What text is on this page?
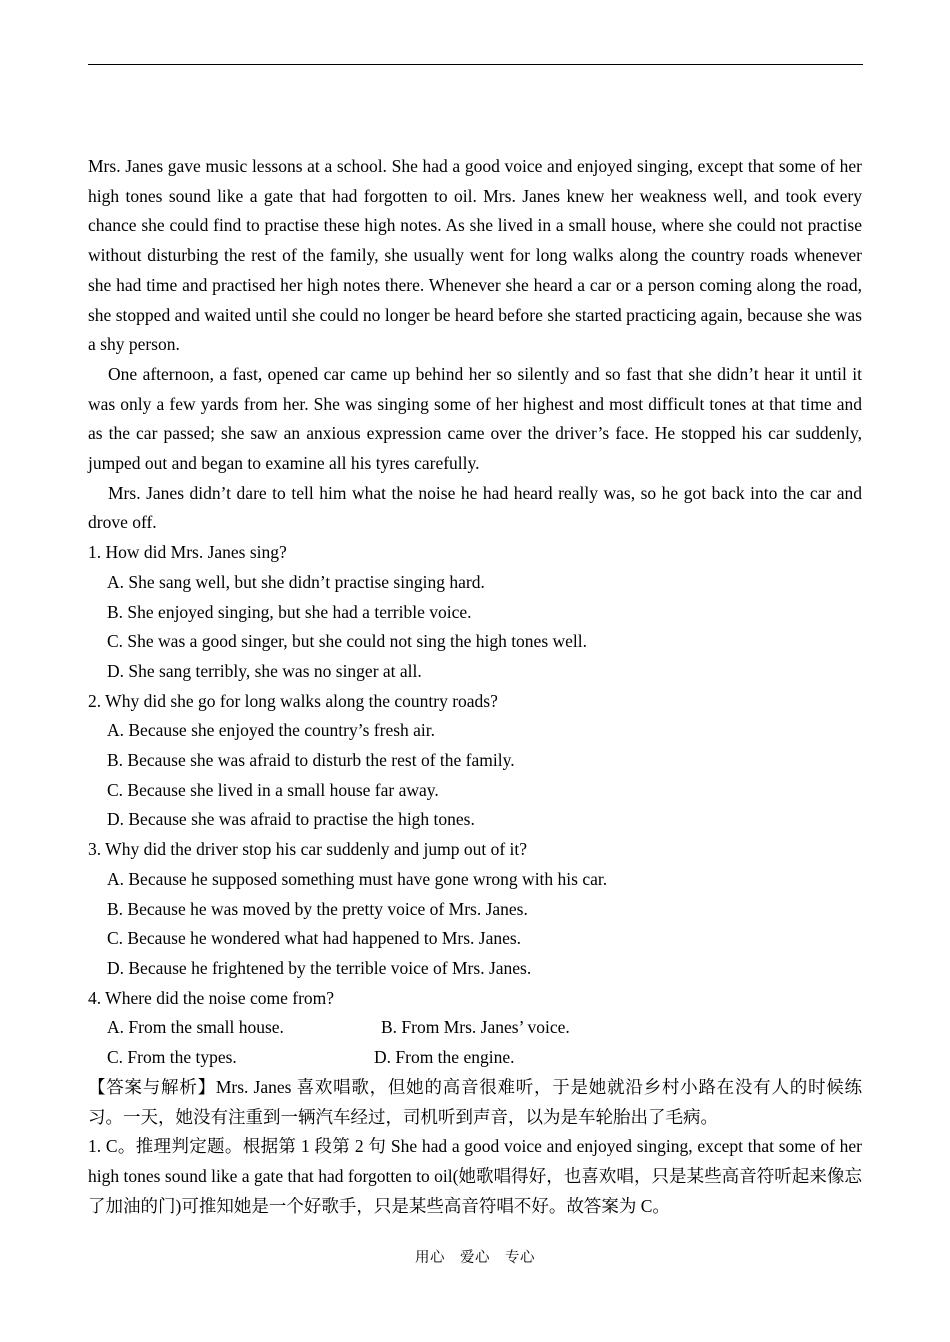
Mrs. Janes gave music lessons at a school. She had a good voice and enjoyed singing, except that some of her high tones sound like a gate that had forgotten to oil. Mrs. Janes knew her weakness well, and took every chance she could find to practise these high notes. As she lived in a small house, where she could not practise without disturbing the rest of the family, she usually went for long walks along the country roads whenever she had time and practised her high notes there. Whenever she heard a car or a person coming along the road, she stopped and waited until she could no longer be heard before she started practicing again, because she was a shy person.

One afternoon, a fast, opened car came up behind her so silently and so fast that she didn’t hear it until it was only a few yards from her. She was singing some of her highest and most difficult tones at that time and as the car passed; she saw an anxious expression came over the driver’s face. He stopped his car suddenly, jumped out and began to examine all his tyres carefully.

Mrs. Janes didn’t dare to tell him what the noise he had heard really was, so he got back into the car and drove off.

1. How did Mrs. Janes sing?

A. She sang well, but she didn’t practise singing hard.

B. She enjoyed singing, but she had a terrible voice.

C. She was a good singer, but she could not sing the high tones well.

D. She sang terribly, she was no singer at all.

2. Why did she go for long walks along the country roads?

A. Because she enjoyed the country’s fresh air.

B. Because she was afraid to disturb the rest of the family.

C. Because she lived in a small house far away.

D. Because she was afraid to practise the high tones.

3. Why did the driver stop his car suddenly and jump out of it?

A. Because he supposed something must have gone wrong with his car.

B. Because he was moved by the pretty voice of Mrs. Janes.

C. Because he wondered what had happened to Mrs. Janes.

D. Because he frightened by the terrible voice of Mrs. Janes.

4. Where did the noise come from?

A. From the small house.	B. From Mrs. Janes’ voice.
C. From the types.	D. From the engine.

【答案与解析】Mrs. Janes 喜欢唱歌，但她的高音很难听，于是她就沿乡村小路在没有人的时候练习。一天，她没有注重到一辆汽车经过，司机听到声音，以为是车轮胎出了毛病。

1. C。推理判定题。根据第 1 段第 2 句 She had a good voice and enjoyed singing, except that some of her high tones sound like a gate that had forgotten to oil(她歌唱得好，也喜欢唱，只是某些高音符听起来像忘了加油的门)可推知她是一个好歌手，只是某些高音符唱不好。故答案为 C。

用心　爱心　专心
